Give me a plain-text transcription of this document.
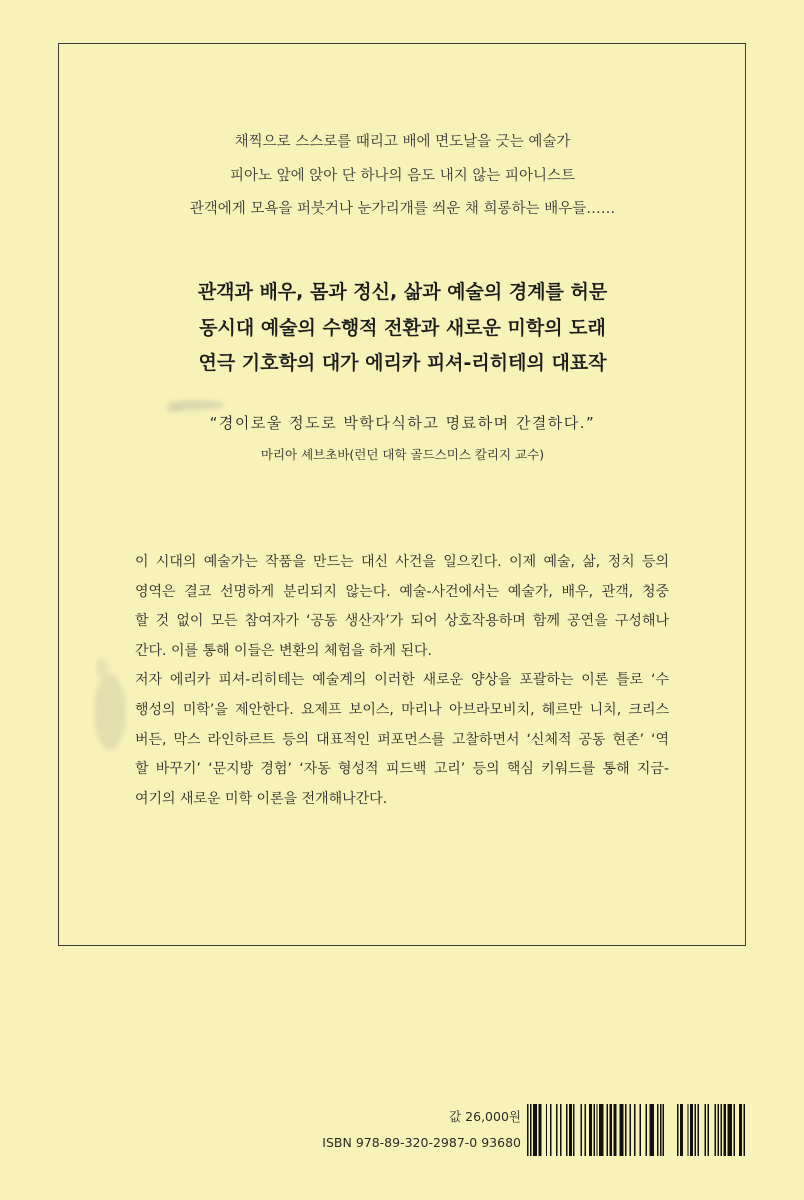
채찍으로 스스로를 때리고 배에 면도날을 긋는 예술가
피아노 앞에 앉아 단 하나의 음도 내지 않는 피아니스트
관객에게 모욕을 퍼붓거나 눈가리개를 씌운 채 희롱하는 배우들……
관객과 배우, 몸과 정신, 삶과 예술의 경계를 허문
동시대 예술의 수행적 전환과 새로운 미학의 도래
연극 기호학의 대가 에리카 피셔-리히테의 대표작
“경이로울 정도로 박학다식하고 명료하며 간결하다.”
마리아 셰브초바(런던 대학 골드스미스 칼리지 교수)
이 시대의 예술가는 작품을 만드는 대신 사건을 일으킨다. 이제 예술, 삶, 정치 등의
영역은 결코 선명하게 분리되지 않는다. 예술-사건에서는 예술가, 배우, 관객, 청중
할 것 없이 모든 참여자가 ‘공동 생산자’가 되어 상호작용하며 함께 공연을 구성해나
간다. 이를 통해 이들은 변환의 체험을 하게 된다.
저자 에리카 피셔-리히테는 예술계의 이러한 새로운 양상을 포괄하는 이론 틀로 ‘수
행성의 미학’을 제안한다. 요제프 보이스, 마리나 아브라모비치, 헤르만 니치, 크리스
버든, 막스 라인하르트 등의 대표적인 퍼포먼스를 고찰하면서 ‘신체적 공동 현존’ ‘역
할 바꾸기’ ‘문지방 경험’ ‘자동 형성적 피드백 고리’ 등의 핵심 키워드를 통해 지금-
여기의 새로운 미학 이론을 전개해나간다.
값 26,000원
ISBN 978-89-320-2987-0 93680
